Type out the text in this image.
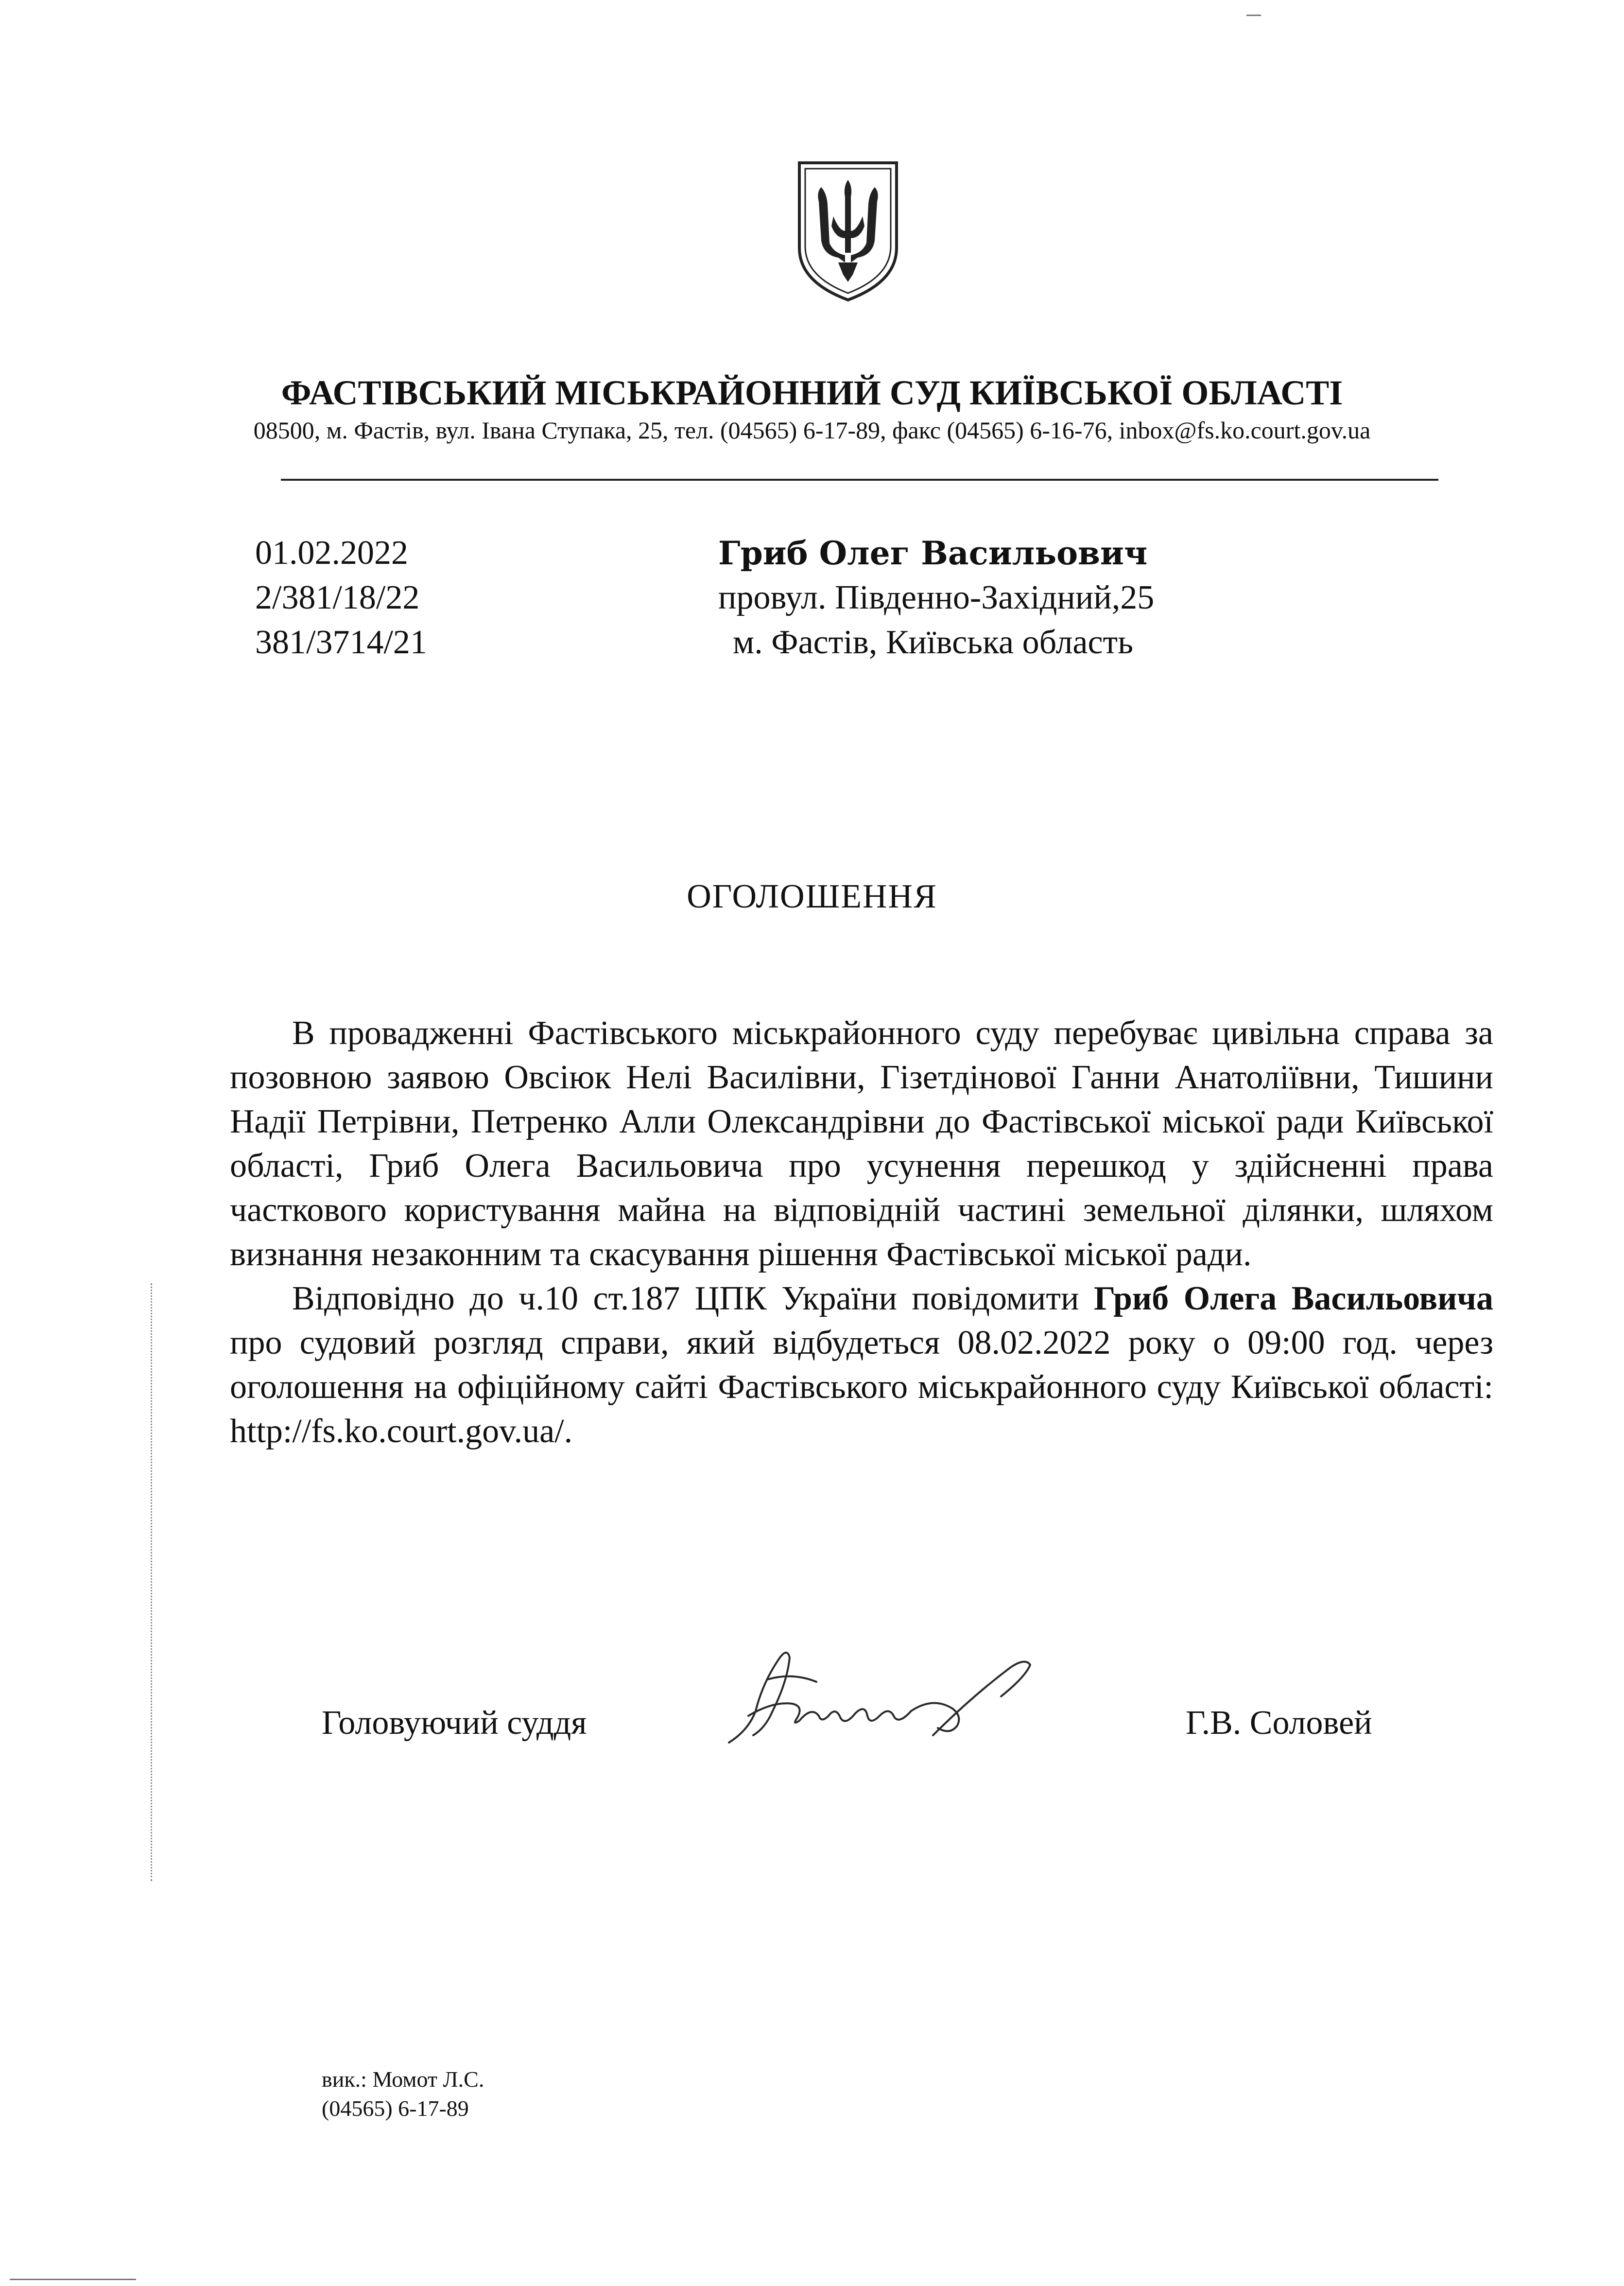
ФАСТІВСЬКИЙ МІСЬКРАЙОННИЙ СУД КИЇВСЬКОЇ ОБЛАСТІ
08500, м. Фастів, вул. Івана Ступака, 25, тел. (04565) 6-17-89, факс (04565) 6-16-76, inbox@fs.ko.court.gov.ua
01.02.2022
2/381/18/22
381/3714/21
Гриб Олег Васильович
провул. Південно-Західний,25
м. Фастів, Київська область
ОГОЛОШЕННЯ

В провадженні Фастівського міськрайонного суду перебуває цивільна справа за позовною заявою Овсіюк Нелі Василівни, Гізетдінової Ганни Анатоліївни, Тишини Надії Петрівни, Петренко Алли Олександрівни до Фастівської міської ради Київської області, Гриб Олега Васильовича про усунення перешкод у здійсненні права часткового користування майна на відповідній частині земельної ділянки, шляхом визнання незаконним та скасування рішення Фастівської міської ради.

Відповідно до ч.10 ст.187 ЦПК України повідомити Гриб Олега Васильовича про судовий розгляд справи, який відбудеться 08.02.2022 року о 09:00 год. через оголошення на офіційному сайті Фастівського міськрайонного суду Київської області: http://fs.ko.court.gov.ua/.

Головуючий суддя	Г.В. Соловей
вик.: Момот Л.С.
(04565) 6-17-89
